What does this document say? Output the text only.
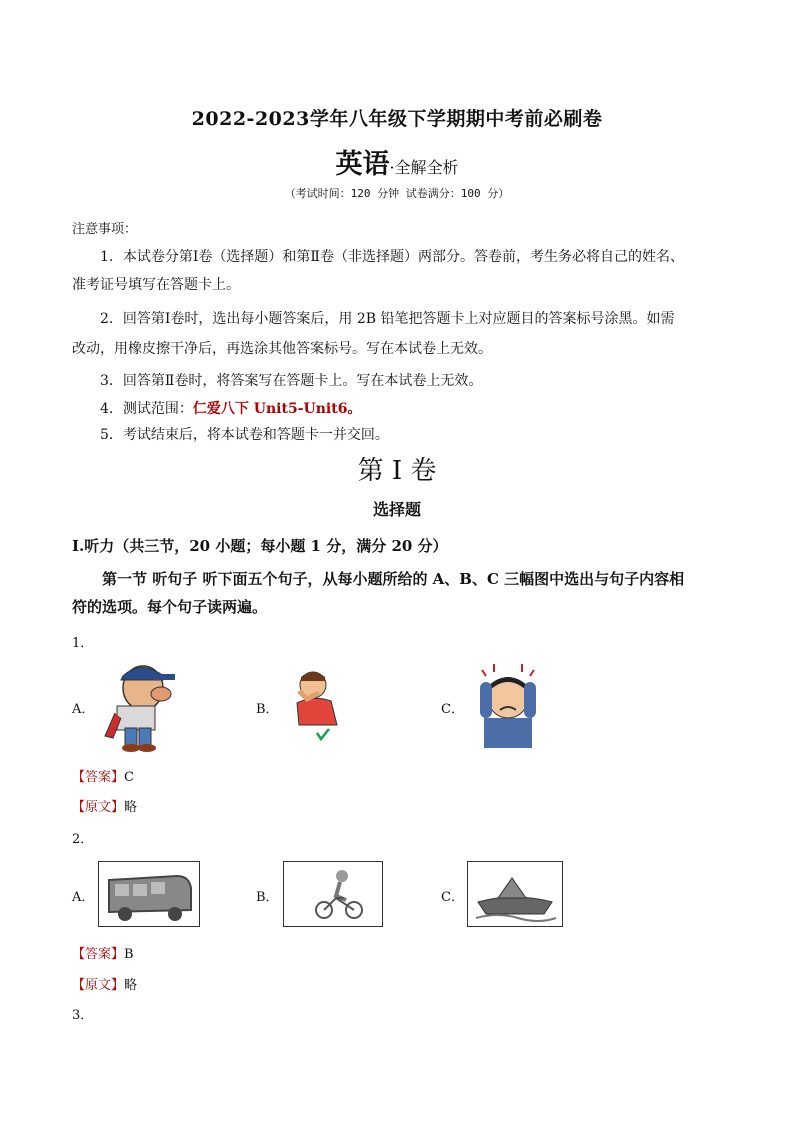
2022-2023学年八年级下学期期中考前必刷卷
英语·全解全析
（考试时间：120 分钟 试卷满分：100 分）
注意事项：
1．本试卷分第Ⅰ卷（选择题）和第Ⅱ卷（非选择题）两部分。答卷前，考生务必将自己的姓名、
准考证号填写在答题卡上。
2．回答第Ⅰ卷时，选出每小题答案后，用 2B 铅笔把答题卡上对应题目的答案标号涂黑。如需
改动，用橡皮擦干净后，再选涂其他答案标号。写在本试卷上无效。
3．回答第Ⅱ卷时，将答案写在答题卡上。写在本试卷上无效。
4．测试范围：仁爱八下 Unit5-Unit6。
5．考试结束后，将本试卷和答题卡一并交回。
第 I 卷
选择题
Ⅰ.听力（共三节，20 小题；每小题 1 分，满分 20 分）
第一节 听句子 听下面五个句子，从每小题所给的 A、B、C 三幅图中选出与句子内容相符的选项。每个句子读两遍。
1．
A．	B．	C．
【答案】C
【原文】略
2．
A．	B．	C．
【答案】B
【原文】略
3．
